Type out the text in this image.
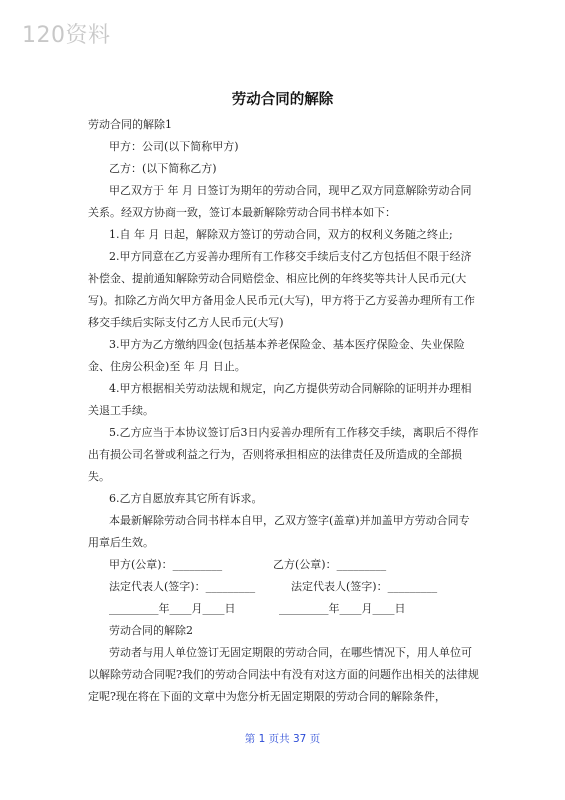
120资料
劳动合同的解除

劳动合同的解除1

甲方：公司(以下简称甲方)

乙方：(以下简称乙方)

甲乙双方于 年 月 日签订为期年的劳动合同，现甲乙双方同意解除劳动合同关系。经双方协商一致，签订本最新解除劳动合同书样本如下：

1.自 年 月 日起，解除双方签订的劳动合同，双方的权利义务随之终止;

2.甲方同意在乙方妥善办理所有工作移交手续后支付乙方包括但不限于经济补偿金、提前通知解除劳动合同赔偿金、相应比例的年终奖等共计人民币元(大写)。扣除乙方尚欠甲方备用金人民币元(大写)，甲方将于乙方妥善办理所有工作移交手续后实际支付乙方人民币元(大写)

3.甲方为乙方缴纳四金(包括基本养老保险金、基本医疗保险金、失业保险金、住房公积金)至 年 月 日止。

4.甲方根据相关劳动法规和规定，向乙方提供劳动合同解除的证明并办理相关退工手续。

5.乙方应当于本协议签订后3日内妥善办理所有工作移交手续，离职后不得作出有损公司名誉或利益之行为，否则将承担相应的法律责任及所造成的全部损失。

6.乙方自愿放弃其它所有诉求。

本最新解除劳动合同书样本自甲，乙双方签字(盖章)并加盖甲方劳动合同专用章后生效。

甲方(公章)：_________	乙方(公章)：_________
法定代表人(签字)：_________	法定代表人(签字)：_________
_________年____月____日	_________年____月____日

劳动合同的解除2

劳动者与用人单位签订无固定期限的劳动合同，在哪些情况下，用人单位可以解除劳动合同呢?我们的劳动合同法中有没有对这方面的问题作出相关的法律规定呢?现在将在下面的文章中为您分析无固定期限的劳动合同的解除条件，

第 1 页共 37 页
